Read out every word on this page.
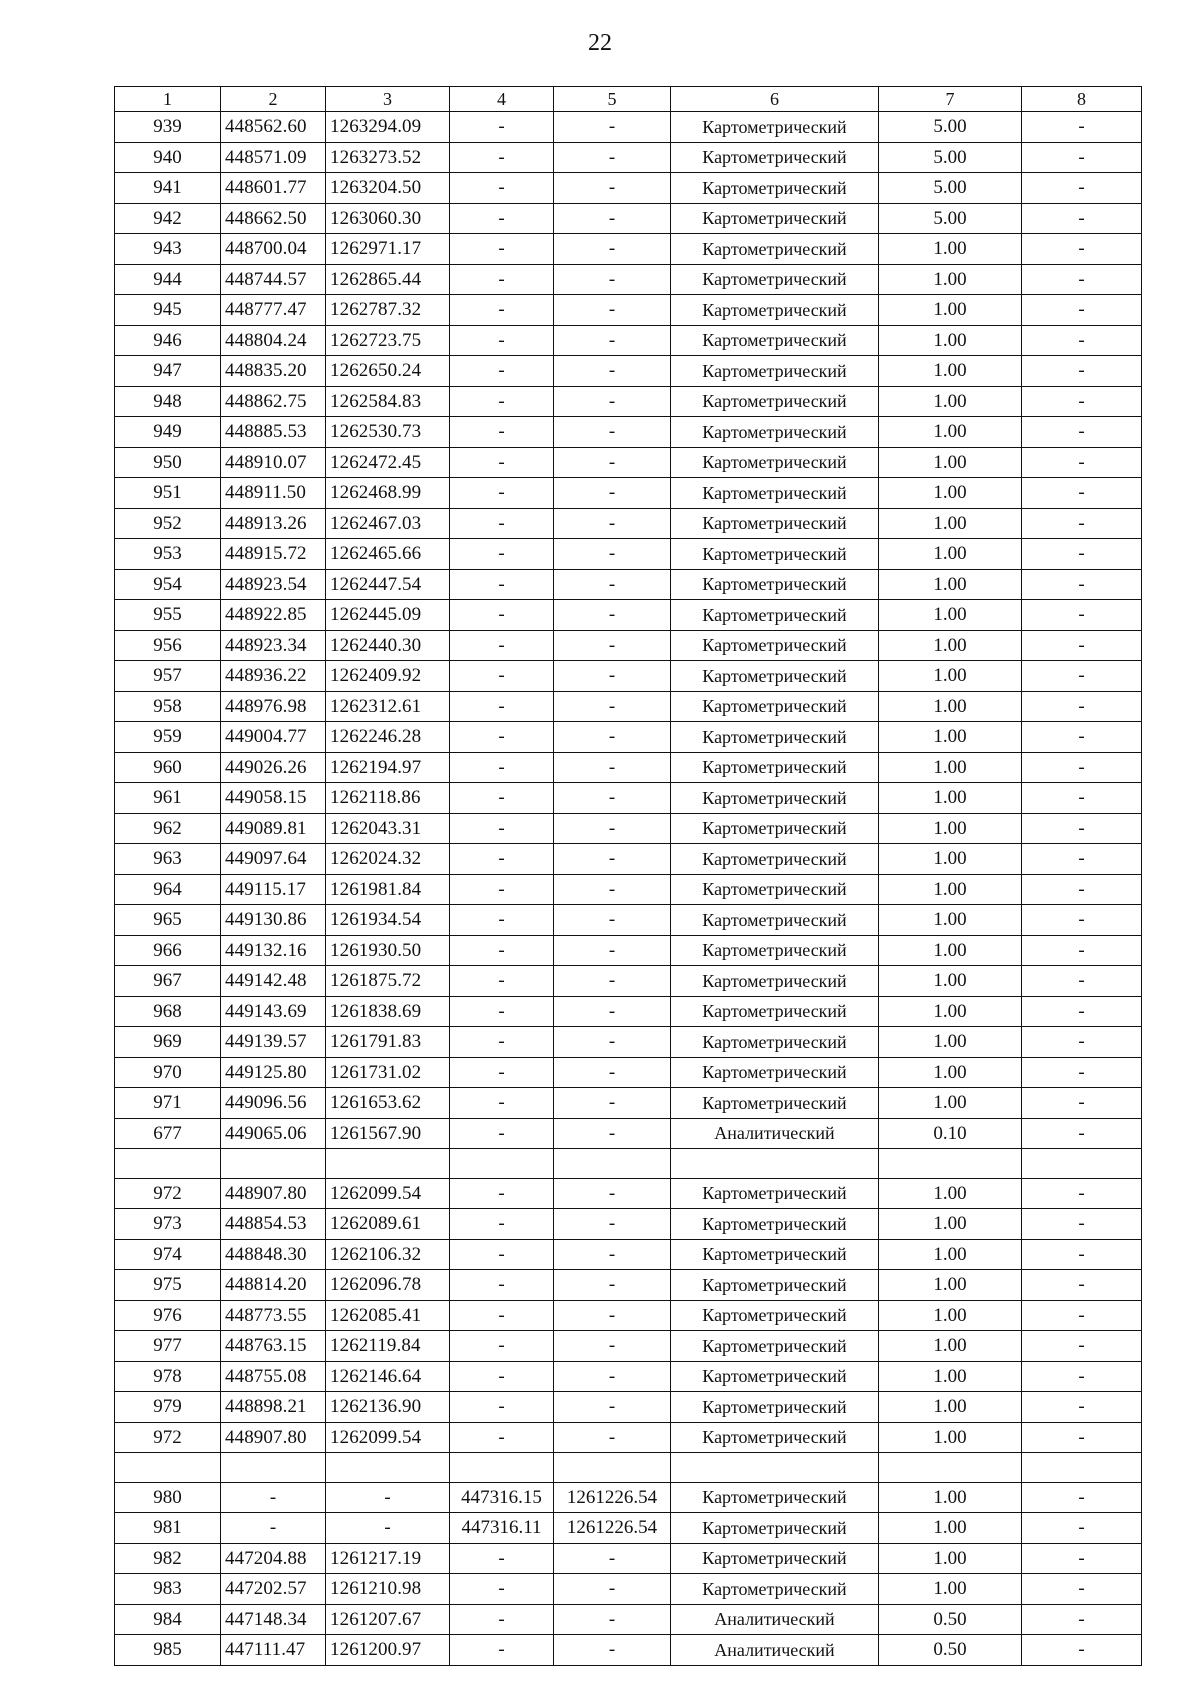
22
1	2	3	4	5	6	7	8
939	448562.60	1263294.09	-	-	Картометрический	5.00	-
940	448571.09	1263273.52	-	-	Картометрический	5.00	-
941	448601.77	1263204.50	-	-	Картометрический	5.00	-
942	448662.50	1263060.30	-	-	Картометрический	5.00	-
943	448700.04	1262971.17	-	-	Картометрический	1.00	-
944	448744.57	1262865.44	-	-	Картометрический	1.00	-
945	448777.47	1262787.32	-	-	Картометрический	1.00	-
946	448804.24	1262723.75	-	-	Картометрический	1.00	-
947	448835.20	1262650.24	-	-	Картометрический	1.00	-
948	448862.75	1262584.83	-	-	Картометрический	1.00	-
949	448885.53	1262530.73	-	-	Картометрический	1.00	-
950	448910.07	1262472.45	-	-	Картометрический	1.00	-
951	448911.50	1262468.99	-	-	Картометрический	1.00	-
952	448913.26	1262467.03	-	-	Картометрический	1.00	-
953	448915.72	1262465.66	-	-	Картометрический	1.00	-
954	448923.54	1262447.54	-	-	Картометрический	1.00	-
955	448922.85	1262445.09	-	-	Картометрический	1.00	-
956	448923.34	1262440.30	-	-	Картометрический	1.00	-
957	448936.22	1262409.92	-	-	Картометрический	1.00	-
958	448976.98	1262312.61	-	-	Картометрический	1.00	-
959	449004.77	1262246.28	-	-	Картометрический	1.00	-
960	449026.26	1262194.97	-	-	Картометрический	1.00	-
961	449058.15	1262118.86	-	-	Картометрический	1.00	-
962	449089.81	1262043.31	-	-	Картометрический	1.00	-
963	449097.64	1262024.32	-	-	Картометрический	1.00	-
964	449115.17	1261981.84	-	-	Картометрический	1.00	-
965	449130.86	1261934.54	-	-	Картометрический	1.00	-
966	449132.16	1261930.50	-	-	Картометрический	1.00	-
967	449142.48	1261875.72	-	-	Картометрический	1.00	-
968	449143.69	1261838.69	-	-	Картометрический	1.00	-
969	449139.57	1261791.83	-	-	Картометрический	1.00	-
970	449125.80	1261731.02	-	-	Картометрический	1.00	-
971	449096.56	1261653.62	-	-	Картометрический	1.00	-
677	449065.06	1261567.90	-	-	Аналитический	0.10	-

972	448907.80	1262099.54	-	-	Картометрический	1.00	-
973	448854.53	1262089.61	-	-	Картометрический	1.00	-
974	448848.30	1262106.32	-	-	Картометрический	1.00	-
975	448814.20	1262096.78	-	-	Картометрический	1.00	-
976	448773.55	1262085.41	-	-	Картометрический	1.00	-
977	448763.15	1262119.84	-	-	Картометрический	1.00	-
978	448755.08	1262146.64	-	-	Картометрический	1.00	-
979	448898.21	1262136.90	-	-	Картометрический	1.00	-
972	448907.80	1262099.54	-	-	Картометрический	1.00	-

980	-	-	447316.15	1261226.54	Картометрический	1.00	-
981	-	-	447316.11	1261226.54	Картометрический	1.00	-
982	447204.88	1261217.19	-	-	Картометрический	1.00	-
983	447202.57	1261210.98	-	-	Картометрический	1.00	-
984	447148.34	1261207.67	-	-	Аналитический	0.50	-
985	447111.47	1261200.97	-	-	Аналитический	0.50	-
